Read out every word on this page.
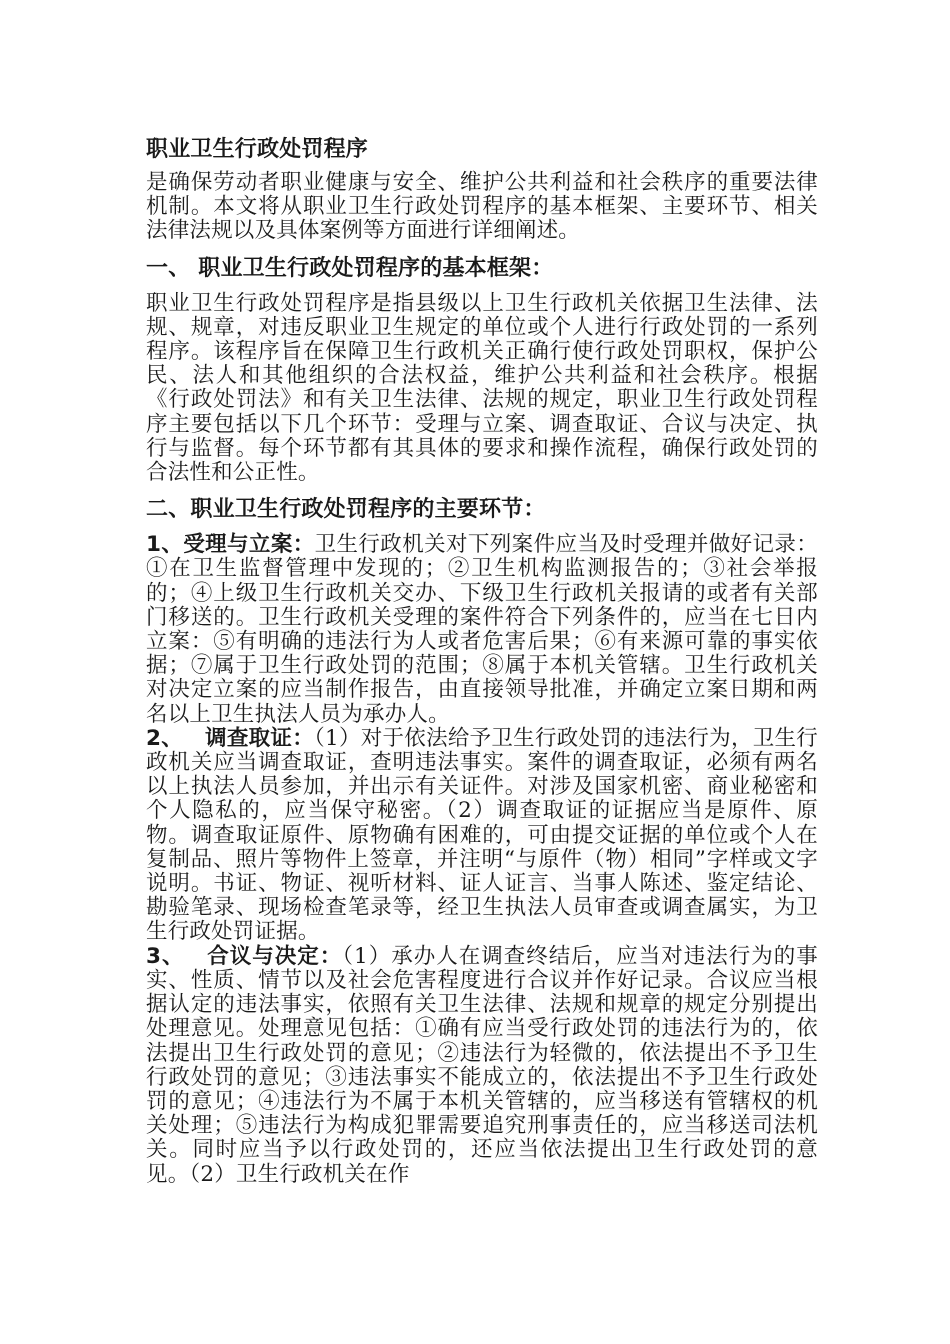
职业卫生行政处罚程序

是确保劳动者职业健康与安全、维护公共利益和社会秩序的重要法律机制。本文将从职业卫生行政处罚程序的基本框架、主要环节、相关法律法规以及具体案例等方面进行详细阐述。

一、 职业卫生行政处罚程序的基本框架：

职业卫生行政处罚程序是指县级以上卫生行政机关依据卫生法律、法规、规章，对违反职业卫生规定的单位或个人进行行政处罚的一系列程序。该程序旨在保障卫生行政机关正确行使行政处罚职权，保护公民、法人和其他组织的合法权益，维护公共利益和社会秩序。根据《行政处罚法》和有关卫生法律、法规的规定，职业卫生行政处罚程序主要包括以下几个环节：受理与立案、调查取证、合议与决定、执行与监督。每个环节都有其具体的要求和操作流程，确保行政处罚的合法性和公正性。

二、职业卫生行政处罚程序的主要环节：

1、受理与立案：卫生行政机关对下列案件应当及时受理并做好记录：①在卫生监督管理中发现的；②卫生机构监测报告的；③社会举报的；④上级卫生行政机关交办、下级卫生行政机关报请的或者有关部门移送的。卫生行政机关受理的案件符合下列条件的，应当在七日内立案：⑤有明确的违法行为人或者危害后果；⑥有来源可靠的事实依据；⑦属于卫生行政处罚的范围；⑧属于本机关管辖。卫生行政机关对决定立案的应当制作报告，由直接领导批准，并确定立案日期和两名以上卫生执法人员为承办人。

2、 调查取证：（1）对于依法给予卫生行政处罚的违法行为，卫生行政机关应当调查取证，查明违法事实。案件的调查取证，必须有两名以上执法人员参加，并出示有关证件。对涉及国家机密、商业秘密和个人隐私的，应当保守秘密。（2）调查取证的证据应当是原件、原物。调查取证原件、原物确有困难的，可由提交证据的单位或个人在复制品、照片等物件上签章，并注明“与原件（物）相同”字样或文字说明。书证、物证、视听材料、证人证言、当事人陈述、鉴定结论、勘验笔录、现场检查笔录等，经卫生执法人员审查或调查属实，为卫生行政处罚证据。

3、 合议与决定：（1）承办人在调查终结后，应当对违法行为的事实、性质、情节以及社会危害程度进行合议并作好记录。合议应当根据认定的违法事实，依照有关卫生法律、法规和规章的规定分别提出处理意见。处理意见包括：①确有应当受行政处罚的违法行为的，依法提出卫生行政处罚的意见；②违法行为轻微的，依法提出不予卫生行政处罚的意见；③违法事实不能成立的，依法提出不予卫生行政处罚的意见；④违法行为不属于本机关管辖的，应当移送有管辖权的机关处理；⑤违法行为构成犯罪需要追究刑事责任的，应当移送司法机关。同时应当予以行政处罚的，还应当依法提出卫生行政处罚的意见。（2）卫生行政机关在作
